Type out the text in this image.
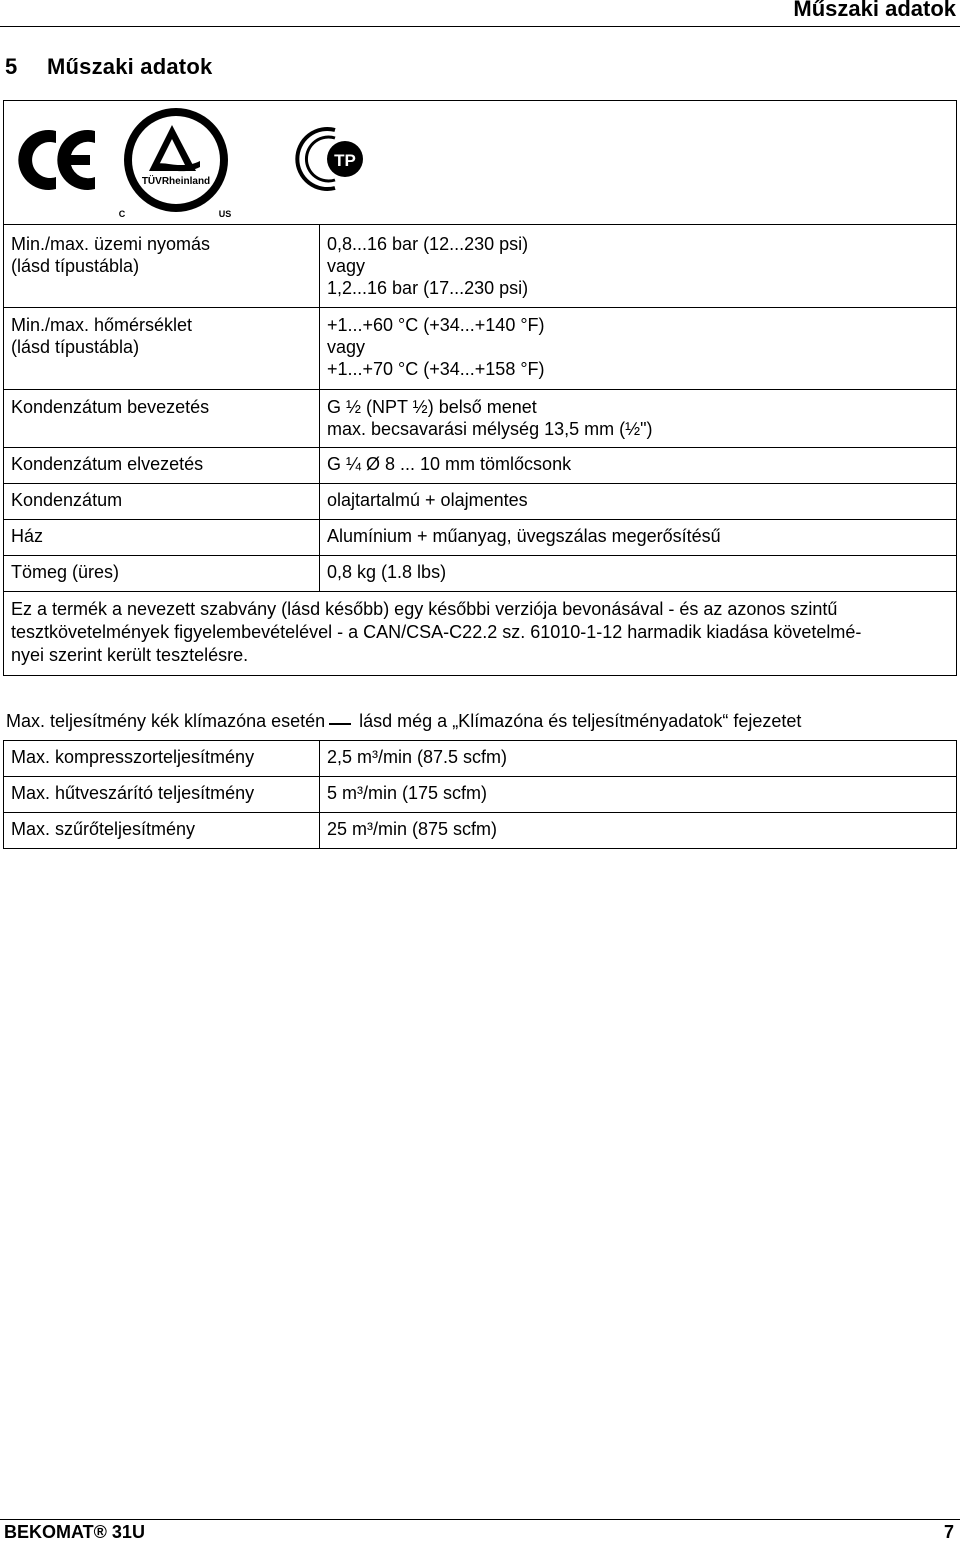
Műszaki adatok
5 Műszaki adatok
TÜVRheinland
C	US
TP
Min./max. üzemi nyomás
(lásd típustábla)	0,8...16 bar (12...230 psi)
vagy
1,2...16 bar (17...230 psi)
Min./max. hőmérséklet
(lásd típustábla)	+1...+60 °C (+34...+140 °F)
vagy
+1...+70 °C (+34...+158 °F)
Kondenzátum bevezetés	G ½ (NPT ½) belső menet
max. becsavarási mélység 13,5 mm (½")
Kondenzátum elvezetés	G ¼ Ø 8 ... 10 mm tömlőcsonk
Kondenzátum	olajtartalmú + olajmentes
Ház	Alumínium + műanyag, üvegszálas megerősítésű
Tömeg (üres)	0,8 kg (1.8 lbs)
Ez a termék a nevezett szabvány (lásd később) egy későbbi verziója bevonásával - és az azonos szintű
tesztkövetelmények figyelembevételével - a CAN/CSA-C22.2 sz. 61010-1-12 harmadik kiadása követelmé-
nyei szerint került tesztelésre.	
Max. teljesítmény kék klímazóna esetén lásd még a „Klímazóna és teljesítményadatok“ fejezetet
Max. kompresszorteljesítmény	2,5 m³/min (87.5 scfm)
Max. hűtveszárító teljesítmény	5 m³/min (175 scfm)
Max. szűrőteljesítmény	25 m³/min (875 scfm)
BEKOMAT® 31U	7
